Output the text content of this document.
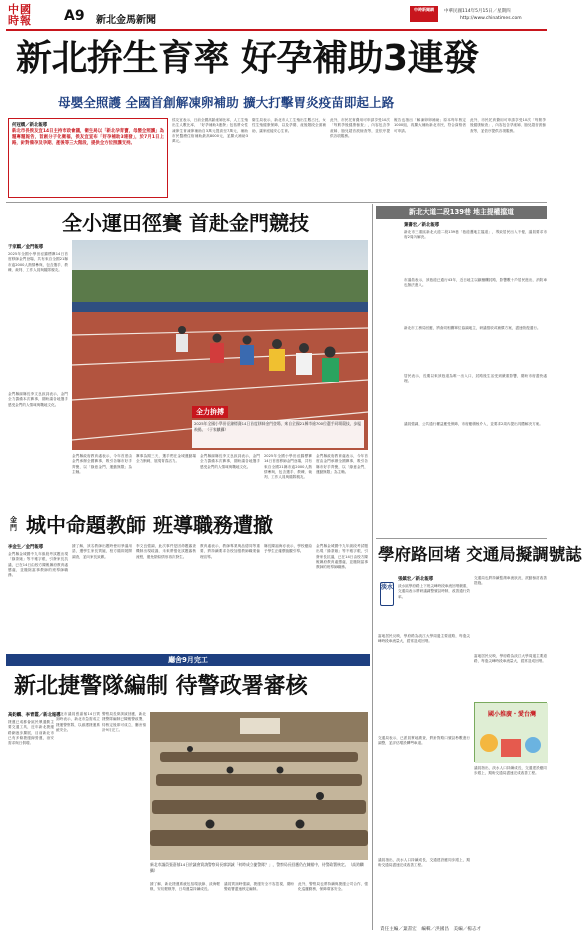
中國時報 A9 新北金馬新聞
中時新聞網	中華民國114年5月15日／星期四
http://www.chinatimes.com
新北拚生育率 好孕補助3連發
母嬰全照護 全國首創解凍卵補助 擴大打擊胃炎疫苗即起上路
何冠嫻／新北報導
新北市長侯友宜14日主持市政會議，衛生局以「新北孕育寶，母嬰全照護」為題專題報告，首創分子化衛福，侯友宜宣布「好孕補助3連發」，於7月1日上路，針對備孕及孕期、產後等三大階段，提供全方位照護支持。
侯友宜表示，日前全國高齡產婦比率，人工生殖出生人數比率，「好孕補助3連發」包括將女性凍卵生育凍卵補助自3萬元提高至7萬元，補助市民醫療住宿補助最高8000元，並擴大補助3萬元。
衛生局表示，新北市人工生殖出生數占比，女性生殖健康保障，以及孕期、產後階段全面補助，讓家庭能安心生育。
此外，市民托育費用可申請享受10次「每筋孕後健康檢查」，內容包含孕產婦、胎兒超音波檢查等，並依序提供各項服務。
報告也指出「解凍卵卵補助」原本每年核定1000組，再擴大補助新北市民，符合資格者可申請。
此外，市民托育費用可申請享受10次「每筋孕後健康檢查」，內容包含孕產婦、胎兒超音波檢查等，並依序提供各項服務。
全小運田徑賽 首赴金門競技
于家麒／金門報導
2025年全國小學田徑錦標賽14日首度移師金門登場，共有來自全國21縣市逾2000人熱情參與，包含選手、教練、裁判、工作人員與隨隊親友。
金門縣副縣長李文良致詞表示，金門全力籌備本次賽事，期盼讓各地選手感受金門的人情味與戰地文化。
全力拚搏
2025年全國小學田徑錦標賽14日首度移師金門登場，來自全國21縣市逾700位選手同場競技，步履飛揚。（于家麒攝）
金門縣政府教育處表示，今年首度由金門承辦全國賽事，吸引各縣市好手齊聚，以「綠意金門，運動無限」為主軸。
賽事為期三天，選手們在金城運動場全力衝刺，展現青春活力。
金門縣副縣長李文良致詞表示，金門全力籌備本次賽事，期盼讓各地選手感受金門的人情味與戰地文化。
2025年全國小學田徑錦標賽14日首度移師金門登場，共有來自全國21縣市逾2000人熱情參與，包含選手、教練、裁判、工作人員與隨隊親友。
金門縣政府教育處表示，今年首度由金門承辦全國賽事，吸引各縣市好手齊聚，以「綠意金門，運動無限」為主軸。
金門 城中命題教師 班導職務遭撤
李金生／金門報導
金門縣金城國中九年級段考試題出現「綠茶婊」等不雅字眼，引發家長抗議，已在14日由校方陳報縣府教育處懲處，並撤除當事教師的班導師職務。
據了解，該名教師出題時使用爭議用語，遭學生家長質疑，校方隨即展開調查，並向家長致歉。
李文良強調，此次事件是因命題審查機制出現疏漏，未來將強化試題審核流程，避免類似情形再次發生。
教育處表示，教師專業與品德同等重要，將持續要求各校加強教師職業倫理宣導。
縣長陳福海亦表示，學校應給予學生正確價值觀引導。
金門縣金城國中九年級段考試題出現「綠茶婊」等不雅字眼，引發家長抗議，已在14日由校方陳報縣府教育處懲處，並撤除當事教師的班導師職務。
廳舍9月完工
新北捷警隊編制 待警政署審核
高鈞麟、李青霞／新北報導
捷運已成都會區民眾通勤主要交通工具，近年新北捷運路網逐步擴展，目前新北市已有多條捷運線營運，治安需求與日俱增。
新北市議員張嘉郁14日質詢時表示，新北市急需成立捷運警察隊，以維護捷運系統安全。
警察局長廖訓誠回應，新北捷警隊編制已陳報警政署，待核定後即可成立，廳舍預計9月完工。
新北市議員張嘉郁14日於議會質詢警察局長廖訓誠「何時成立捷警隊？」，警察局長回應仍在陳報中，待警政署核定。（高鈞麟攝）
據了解，新北捷運系統包括環狀線、淡海輕軌、安坑輕軌等，日均運量持續成長。
議員質詢時強調，捷運安全不容忽視，期盼警政署盡速核定編制。
此外，警察局也將持續與捷運公司合作，強化巡邏勤務，保障乘客安全。
新北大道二段139巷 地主提權擋道
葉書宏／新北報導
新北市三重區新北大道二段139巷「巷道遭地主擋道」，導致居民出入不便，議員要求市府2周內解決。
市議員表示，該巷道已通行43年，近日地主以鐵柵欄封路，影響數十戶居民進出，消防車也無法進入。
新北市工務局回應，將會同相關單位協調地主，研議徵收或補償方案，盡速恢復通行。
居民表示，長期以來該巷道為唯一出入口，封路後生活受到嚴重影響，期盼市府盡快處理。
議員強調，公共通行權益應受保障，市府應積極介入，並要求2周內提出具體解決方案。
學府路回堵 交通局擬調號誌
淡水
張鎮宏／新北報導
淡水區學府路上下班尖峰時段車流回堵嚴重，交通局表示將研議調整號誌時制，改善通行效率。
當地居民反映，學府路為淡江大學周邊主要道路，每逢尖峰時段車流量大，經常造成回堵。
交通局表示，已派員實地勘查，將針對路口號誌秒數進行調整，並評估增設轉彎車道。
議員指出，淡水人口持續成長，交通建設應同步跟上，期盼交通局盡速完成改善工程。
交通局也將持續監測車流狀況，滾動檢討改善措施。
當地居民反映，學府路為淡江大學周邊主要道路，每逢尖峰時段車流量大，經常造成回堵。
國小推廣・愛台灣
議員指出，淡水人口持續成長，交通建設應同步跟上，期盼交通局盡速完成改善工程。
責任主編／葉書宏　編輯／洪國昌　美編／楊志才
